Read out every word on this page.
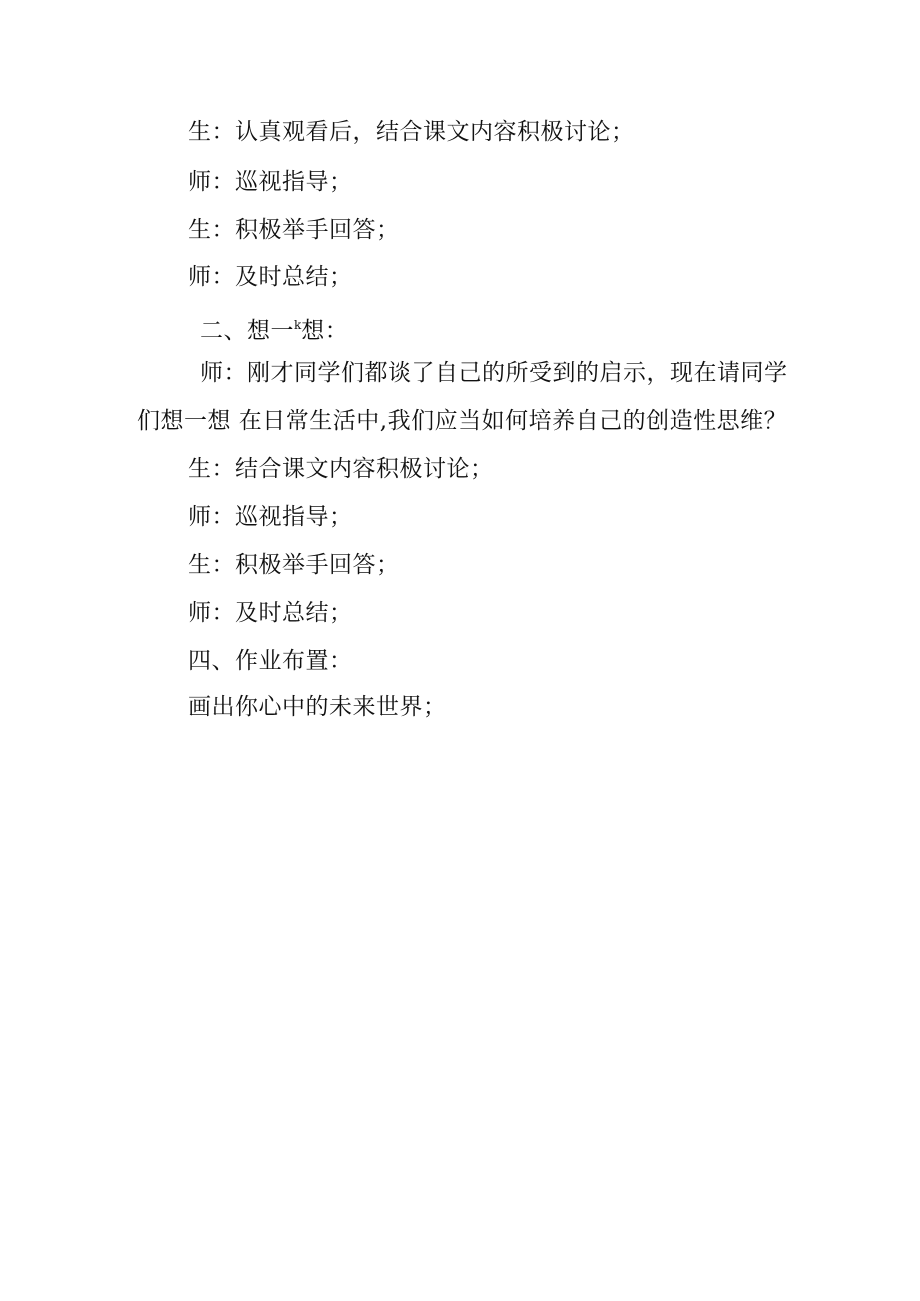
生：认真观看后，结合课文内容积极讨论；
师：巡视指导；
生：积极举手回答；
师：及时总结；
二、想一$^k$想：
师：刚才同学们都谈了自己的所受到的启示，现在请同学
们想一想 在日常生活中,我们应当如何培养自己的创造性思维？
生：结合课文内容积极讨论；
师：巡视指导；
生：积极举手回答；
师：及时总结；
四、作业布置：
画出你心中的未来世界；
